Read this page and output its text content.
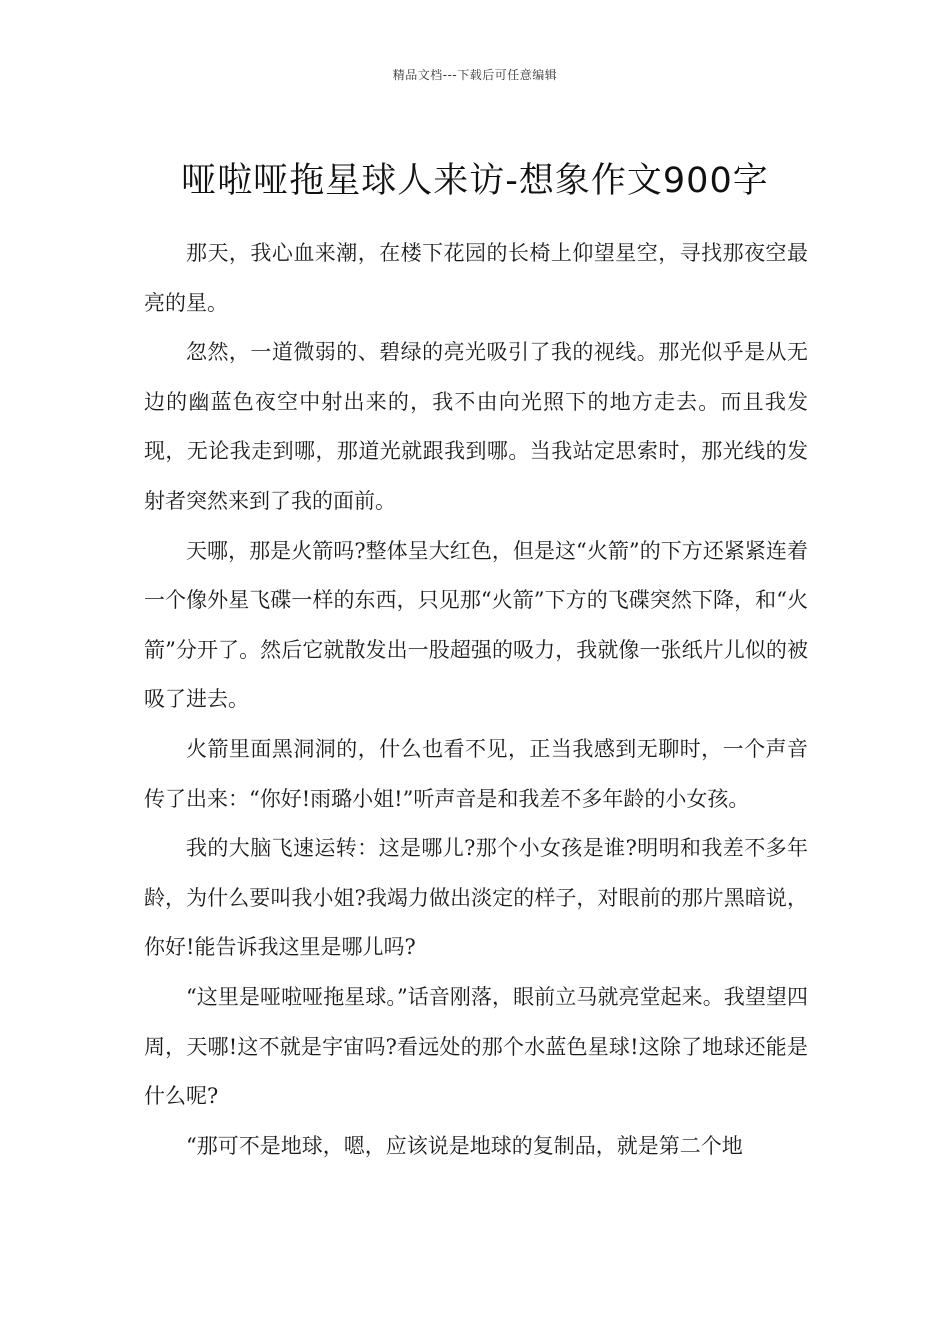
精品文档---下载后可任意编辑
哑啦哑拖星球人来访-想象作文900字

那天，我心血来潮，在楼下花园的长椅上仰望星空，寻找那夜空最亮的星。

忽然，一道微弱的、碧绿的亮光吸引了我的视线。那光似乎是从无边的幽蓝色夜空中射出来的，我不由向光照下的地方走去。而且我发现，无论我走到哪，那道光就跟我到哪。当我站定思索时，那光线的发射者突然来到了我的面前。

天哪，那是火箭吗?整体呈大红色，但是这“火箭”的下方还紧紧连着一个像外星飞碟一样的东西，只见那“火箭”下方的飞碟突然下降，和“火箭”分开了。然后它就散发出一股超强的吸力，我就像一张纸片儿似的被吸了进去。

火箭里面黑洞洞的，什么也看不见，正当我感到无聊时，一个声音传了出来：“你好!雨璐小姐!”听声音是和我差不多年龄的小女孩。

我的大脑飞速运转：这是哪儿?那个小女孩是谁?明明和我差不多年龄，为什么要叫我小姐?我竭力做出淡定的样子，对眼前的那片黑暗说，你好!能告诉我这里是哪儿吗?

“这里是哑啦哑拖星球。”话音刚落，眼前立马就亮堂起来。我望望四周，天哪!这不就是宇宙吗?看远处的那个水蓝色星球!这除了地球还能是什么呢?

“那可不是地球，嗯，应该说是地球的复制品，就是第二个地
